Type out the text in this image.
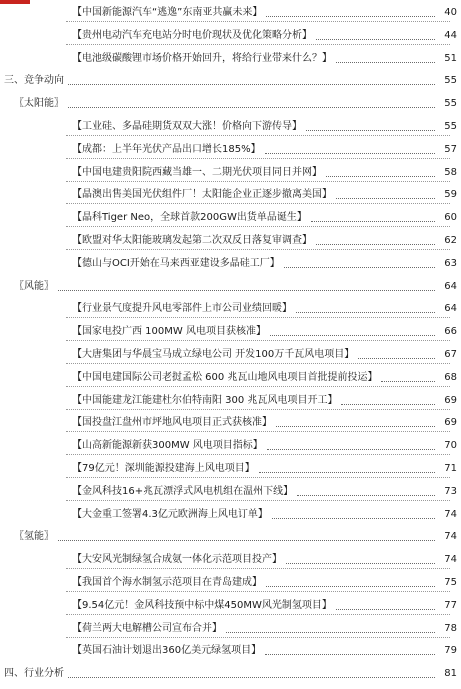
【中国新能源汽车“逃逸”东南亚共赢未来】	40
【贵州电动汽车充电站分时电价现状及优化策略分析】	44
【电池级碳酸锂市场价格开始回升，将给行业带来什么？】	51
三、竞争动向	55
〖太阳能〗	55
【工业硅、多晶硅期货双双大涨！价格向下游传导】	55
【成都：上半年光伏产品出口增长185%】	57
【中国电建贵阳院西藏当雄一、二期光伏项目同日并网】	58
【晶澳出售美国光伏组件厂！太阳能企业正逐步撤离美国】	59
【晶科Tiger Neo，全球首款200GW出货单品诞生】	60
【欧盟对华太阳能玻璃发起第二次双反日落复审调查】	62
【德山与OCI开始在马来西亚建设多晶硅工厂】	63
〖风能〗	64
【行业景气度提升风电零部件上市公司业绩回暖】	64
【国家电投广西 100MW 风电项目获核准】	66
【大唐集团与华晨宝马成立绿电公司 开发100万千瓦风电项目】	67
【中国电建国际公司老挝孟松 600 兆瓦山地风电项目首批提前投运】	68
【中国能建龙江能建杜尔伯特南阳 300 兆瓦风电项目开工】	69
【国投盘江盘州市坪地风电项目正式获核准】	69
【山高新能源新获300MW 风电项目指标】	70
【79亿元！深圳能源投建海上风电项目】	71
【金风科技16+兆瓦漂浮式风电机组在温州下线】	73
【大金重工签署4.3亿元欧洲海上风电订单】	74
〖氢能〗	74
【大安风光制绿氢合成氨一体化示范项目投产】	74
【我国首个海水制氢示范项目在青岛建成】	75
【9.54亿元！金风科技预中标中煤450MW风光制氢项目】	77
【荷兰两大电解槽公司宣布合并】	78
【英国石油计划退出360亿美元绿氢项目】	79
四、行业分析	81
